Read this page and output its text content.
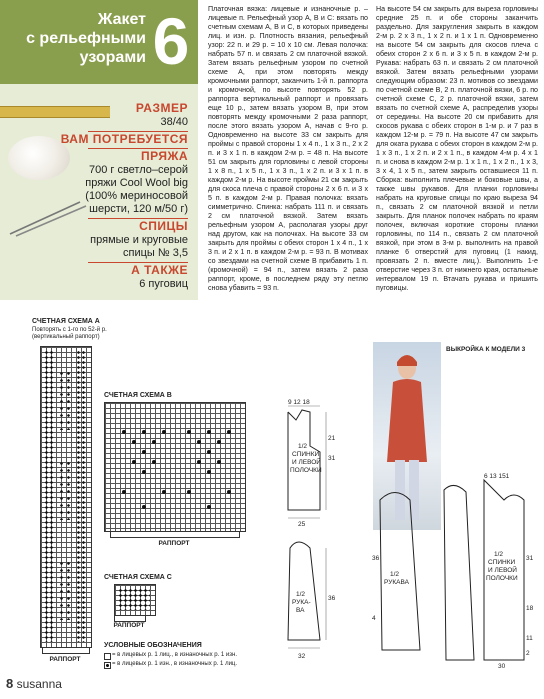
Жакет
с рельефными
узорами 6
РАЗМЕР
38/40
ВАМ ПОТРЕБУЕТСЯ
ПРЯЖА
700 г светло–серой
пряжи Cool Wool big
(100% мериносовой
шерсти, 120 м/50 г)
СПИЦЫ
прямые и круговые
спицы № 3,5
А ТАКЖЕ
6 пуговиц
Платочная вязка: лицевые и изнаночные р. – лицевые п. Рельефный узор А, В и С: вязать по счетным схемам А, В и С, в которых приведены лиц. и изн. р. Плотность вязания, рельефный узор: 22 п. и 29 р. = 10 х 10 см. Левая полочка: набрать 57 п. и связать 2 см платочной вязкой. Затем вязать рельефным узором по счетной схеме А, при этом повторять между кромочными раппорт, заканчить 1-й п. раппорта и кромочной, по высоте повторять 52 р. раппорта вертикальный раппорт и провязать еще 10 р., затем вязать узором В, при этом повторять между кромочными 2 раза раппорт, после этого вязать узором А, начав с 9-го р. Одновременно на высоте 33 см закрыть для проймы с правой стороны 1 х 4 п., 1 х 3 п., 2 х 2 п. и 3 х 1 п. в каждом 2-м р. = 48 п. На высоте 51 см закрыть для горловины с левой стороны 1 х 8 п., 1 х 5 п., 1 х 3 п., 1 х 2 п. и 3 х 1 п. в каждом 2-м р. На высоте проймы 21 см закрыть для скоса плеча с правой стороны 2 х 6 п. и 3 х 5 п. в каждом 2-м р. Правая полочка: вязать симметрично. Спинка: набрать 111 п. и связать 2 см платочной вязкой. Затем вязать рельефным узором А, располагая узоры друг над другом, как на полочках. На высоте 33 см закрыть для проймы с обеих сторон 1 х 4 п., 1 х 3 п. и 2 х 1 п. в каждом 2-м р. = 93 п. В мотивах со звездами на счетной схеме В прибавить 1 п. (кромочной) = 94 п., затем вязать 2 раза раппорт, кроме, в последнем ряду эту петлю снова убавить = 93 п.
На высоте 54 см закрыть для выреза горловины средние 25 п. и обе стороны заканчить раздельно. Для закругления закрыть в каждом 2-м р. 2 х 3 п., 1 х 2 п. и 1 х 1 п. Одновременно на высоте 54 см закрыть для скосов плеча с обеих сторон 2 х 6 п. и 3 х 5 п. в каждом 2-м р. Рукава: набрать 63 п. и связать 2 см платочной вязкой. Затем вязать рельефными узорами следующим образом: 23 п. мотивов со звездами по счетной схеме В, 2 п. платочной вязки, 6 р. по счетной схеме С, 2 р. платочной вязки, затем вязать по счетной схеме А, распределив узоры от середины. На высоте 20 см прибавить для скосов рукава с обеих сторон в 1-м р. и 7 раз в каждом 12-м р. = 79 п. На высоте 47 см закрыть для оката рукава с обеих сторон в каждом 2-м р. 1 х 3 п., 1 х 2 п. и 2 х 1 п., в каждом 4-м р. 4 х 1 п. и снова в каждом 2-м р. 1 х 1 п., 1 х 2 п., 1 х 3, 3 х 4, 1 х 5 п., затем закрыть оставшиеся 11 п. Сборка: выполнить плечевые и боковые швы, а также швы рукавов. Для планки горловины набрать на круговые спицы по краю выреза 94 п., связать 2 см платочной вязкой и петли закрыть. Для планок полочек набрать по краям полочек, включая короткие стороны планки горловины, по 114 п., связать 2 см платочной вязкой, при этом в 3-м р. выполнить на правой планке 6 отверстий для пуговиц (1 накид, провязать 2 п. вместе лиц.). Выполнить 1-е отверстие через 3 п. от нижнего края, остальные интервалом 19 п. Втачать рукава и пришить пуговицы.
СЧЕТНАЯ СХЕМА А
Повторять с 1-го по 52-й р. (вертикальный раппорт)
РАППОРТ
СЧЕТНАЯ СХЕМА В
РАППОРТ
СЧЕТНАЯ СХЕМА С
РАППОРТ
УСЛОВНЫЕ ОБОЗНАЧЕНИЯ
= в лицевых р. 1 лиц., в изнаночных р. 1 изн.
= в лицевых р. 1 изн., в изнаночных р. 1 лиц.
9 12 18
1/2
СПИНКИ
И ЛЕВОЙ
ПОЛОЧКИ
31
21
25
1/2
РУКА-
ВА
36
32
ВЫКРОЙКА К МОДЕЛИ 3
6 13 151
1/2
СПИНКИ
И ЛЕВОЙ
ПОЛОЧКИ
31
18
11
2
30
1/2
РУКАВА
36
4
8 susanna
